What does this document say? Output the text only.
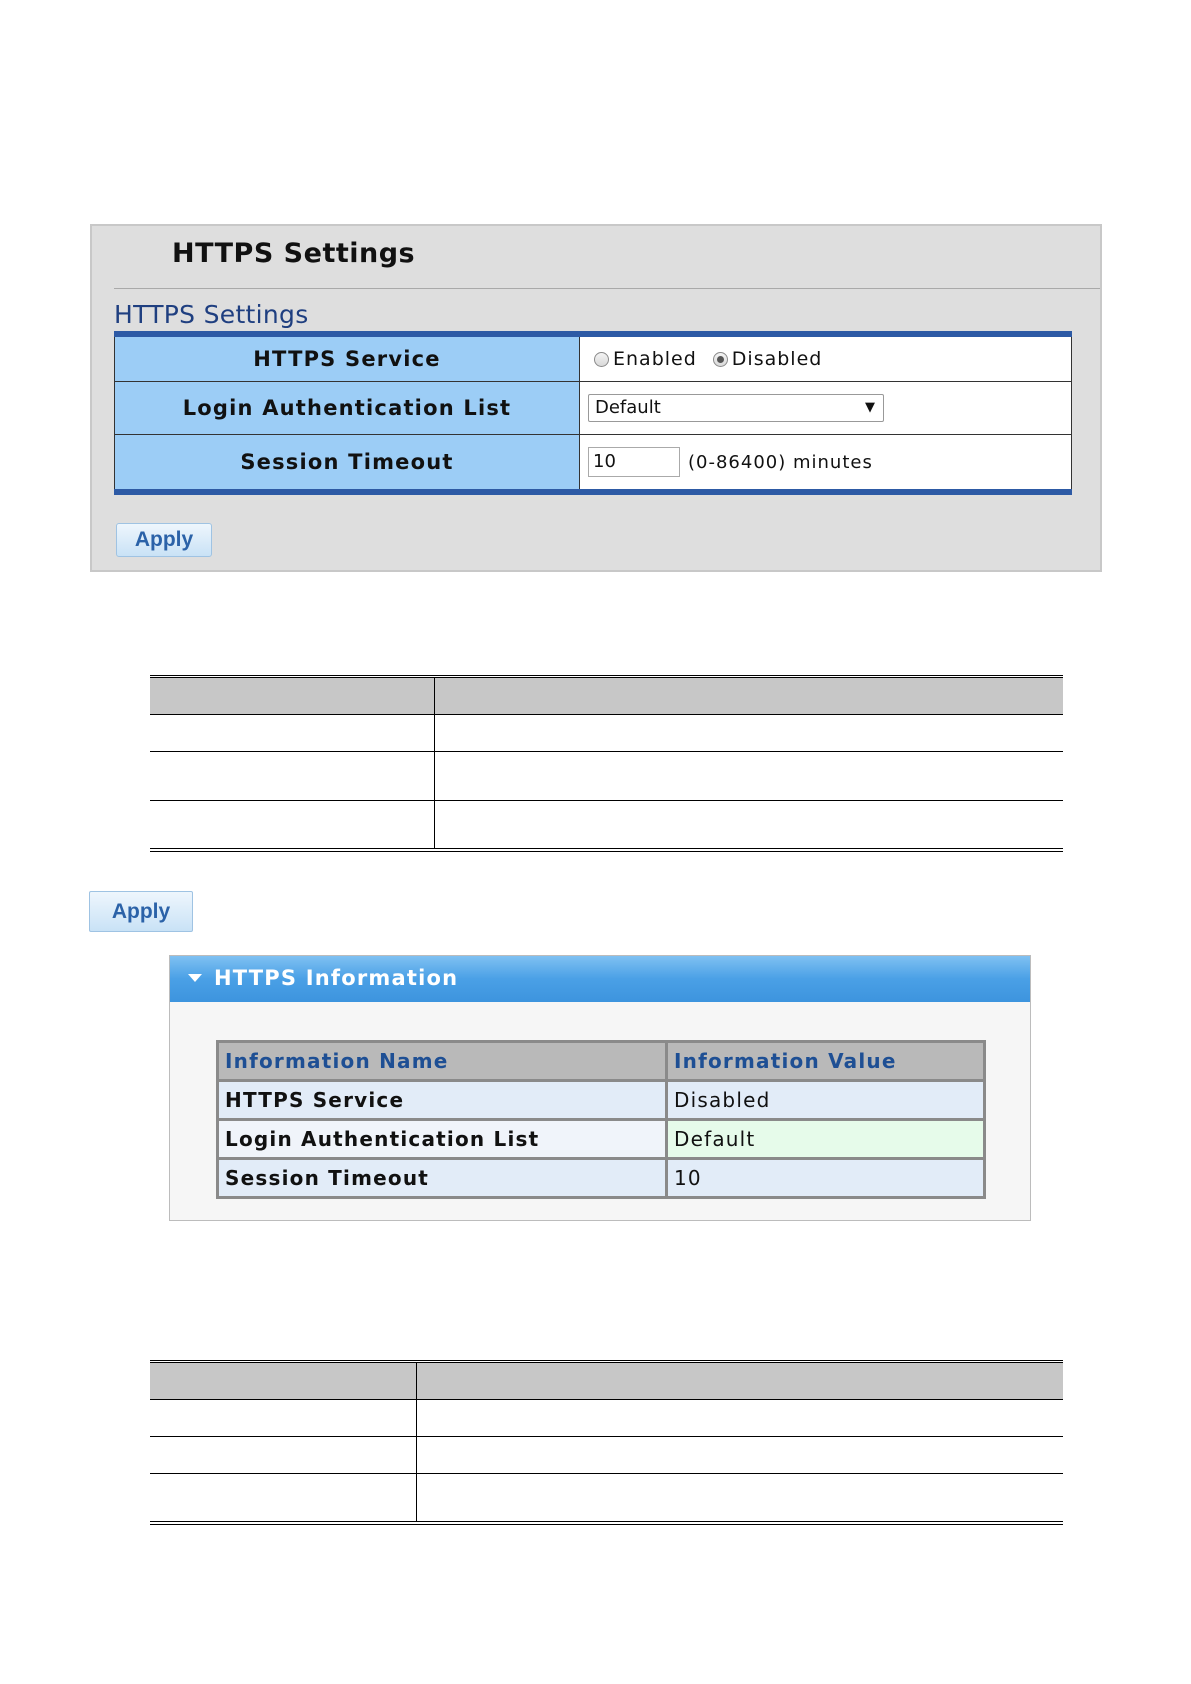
HTTPS Settings
HTTPS Settings
HTTPS Service	Enabled Disabled
Login Authentication List	Default ▼

Session Timeout	10 (0-86400) minutes
Apply

Apply
HTTPS Information
Information Name	Information Value
HTTPS Service	Disabled
Login Authentication List	Default
Session Timeout	10
